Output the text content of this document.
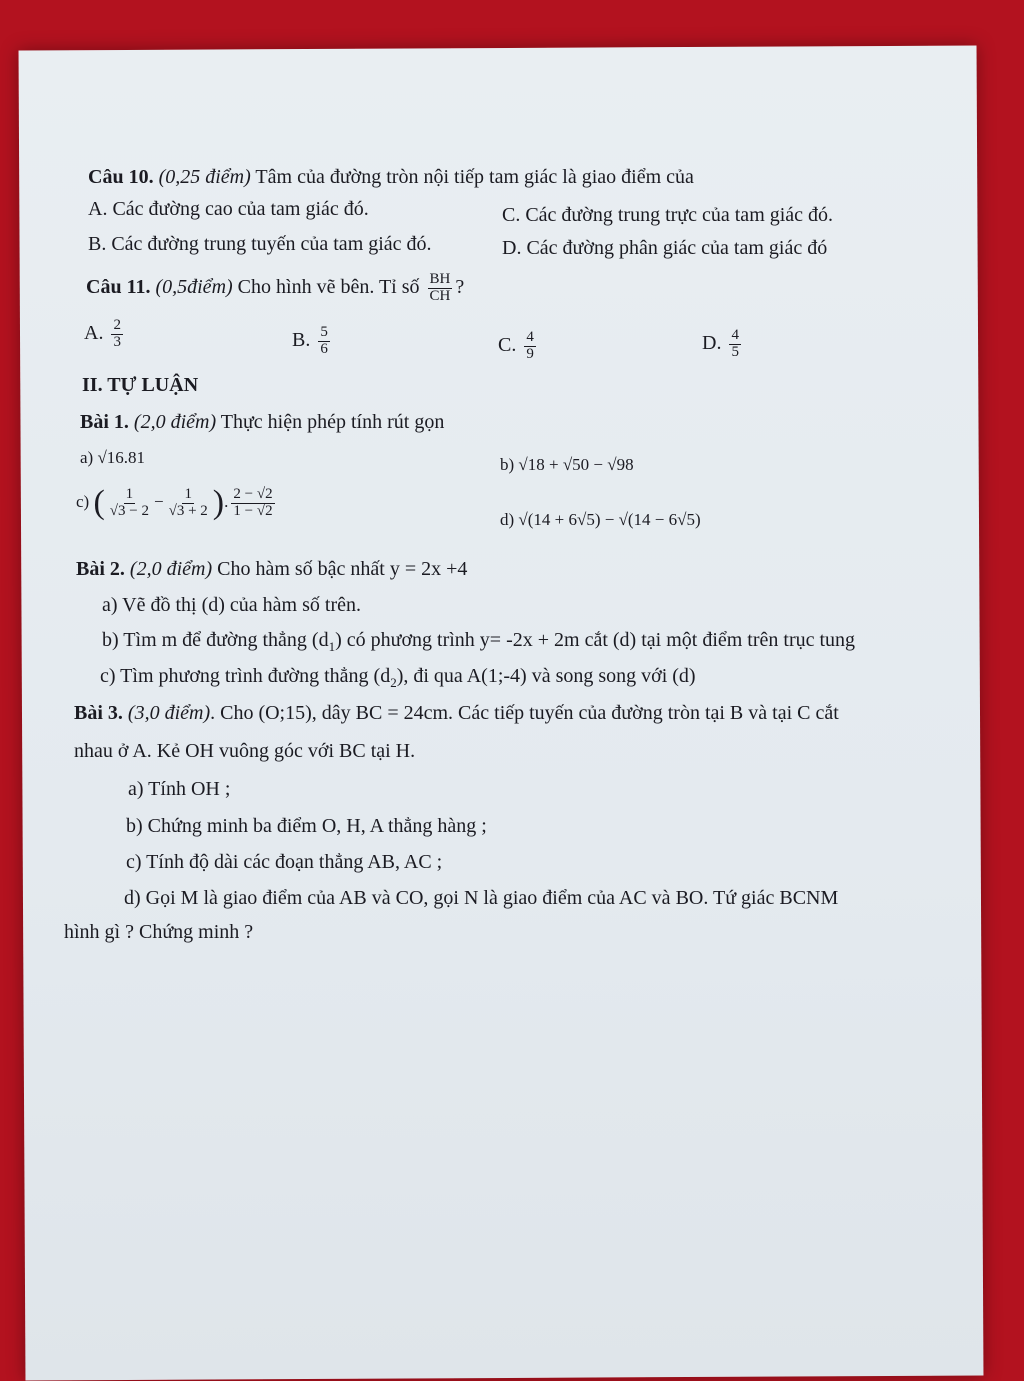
Câu 10. (0,25 điểm) Tâm của đường tròn nội tiếp tam giác là giao điểm của
A. Các đường cao của tam giác đó.	C. Các đường trung trực của tam giác đó.
B. Các đường trung tuyến của tam giác đó.	D. Các đường phân giác của tam giác đó
Câu 11. (0,5điểm) Cho hình vẽ bên. Tỉ số $\frac{BH}{CH}$ ?
A. $\frac{2}{3}$	B. $\frac{5}{6}$	C. $\frac{4}{9}$	D. $\frac{4}{5}$
II. TỰ LUẬN
Bài 1. (2,0 điểm) Thực hiện phép tính rút gọn
a) √16.81	b) √18 + √50 − √98
c) ( $\frac{1}{√3 - 2} - \frac{1}{√3 + 2}$ ). $\frac{2 - √2}{1 - √2}$
d) √(14 + 6√5) − √(14 − 6√5)
Bài 2. (2,0 điểm) Cho hàm số bậc nhất y = 2x +4
a) Vẽ đồ thị (d) của hàm số trên.
b) Tìm m để đường thẳng $(d_1)$ có phương trình y= -2x + 2m cắt (d) tại một điểm trên trục tung
c) Tìm phương trình đường thẳng $(d_2)$, đi qua A(1;-4) và song song với (d)
Bài 3. (3,0 điểm). Cho (O;15), dây BC = 24cm. Các tiếp tuyến của đường tròn tại B và tại C cắt
nhau ở A. Kẻ OH vuông góc với BC tại H.
a) Tính OH ;
b) Chứng minh ba điểm O, H, A thẳng hàng ;
c) Tính độ dài các đoạn thẳng AB, AC ;
d) Gọi M là giao điểm của AB và CO, gọi N là giao điểm của AC và BO. Tứ giác BCNM
hình gì ? Chứng minh ?
